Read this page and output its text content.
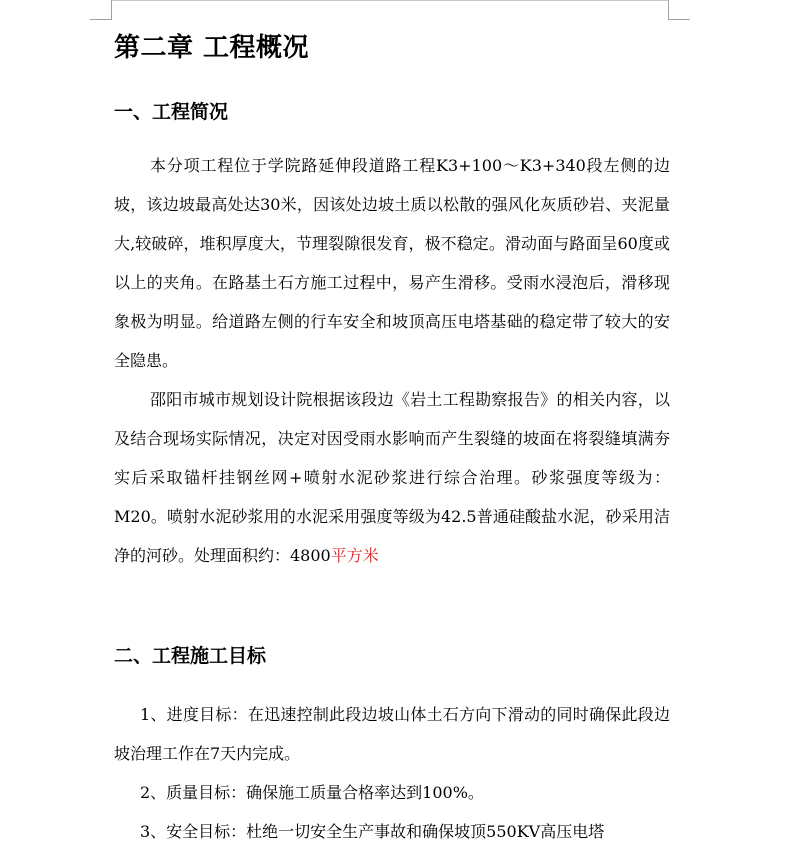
第二章 工程概况
一、工程简况

本分项工程位于学院路延伸段道路工程K3+100～K3+340段左侧的边坡，该边坡最高处达30米，因该处边坡土质以松散的强风化灰质砂岩、夹泥量大,较破碎，堆积厚度大，节理裂隙很发育，极不稳定。滑动面与路面呈60度或以上的夹角。在路基土石方施工过程中，易产生滑移。受雨水浸泡后，滑移现象极为明显。给道路左侧的行车安全和坡顶高压电塔基础的稳定带了较大的安全隐患。

邵阳市城市规划设计院根据该段边《岩土工程勘察报告》的相关内容，以及结合现场实际情况，决定对因受雨水影响而产生裂缝的坡面在将裂缝填满夯实后采取锚杆挂钢丝网+喷射水泥砂浆进行综合治理。砂浆强度等级为：M20。喷射水泥砂浆用的水泥采用强度等级为42.5普通硅酸盐水泥，砂采用洁净的河砂。处理面积约：4800平方米

二、工程施工目标

1、进度目标：在迅速控制此段边坡山体土石方向下滑动的同时确保此段边坡治理工作在7天内完成。

2、质量目标：确保施工质量合格率达到100%。

3、安全目标：杜绝一切安全生产事故和确保坡顶550KV高压电塔
